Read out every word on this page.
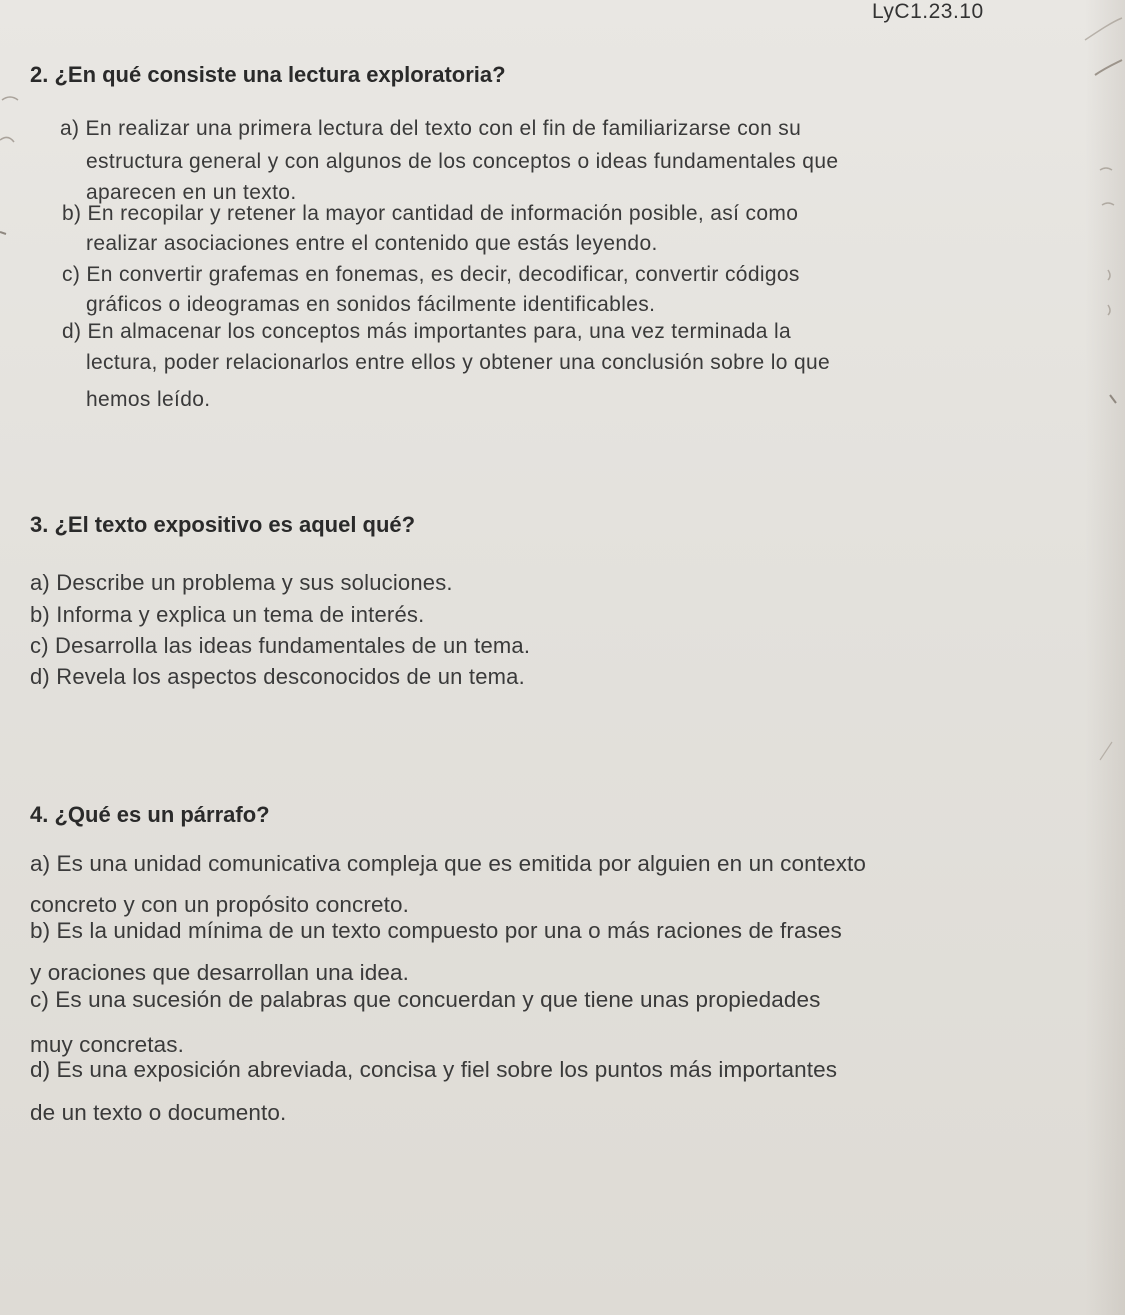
LyC1.23.10
2. ¿En qué consiste una lectura exploratoria?
a) En realizar una primera lectura del texto con el fin de familiarizarse con su
estructura general y con algunos de los conceptos o ideas fundamentales que
aparecen en un texto.
b) En recopilar y retener la mayor cantidad de información posible, así como
realizar asociaciones entre el contenido que estás leyendo.
c) En convertir grafemas en fonemas, es decir, decodificar, convertir códigos
gráficos o ideogramas en sonidos fácilmente identificables.
d) En almacenar los conceptos más importantes para, una vez terminada la
lectura, poder relacionarlos entre ellos y obtener una conclusión sobre lo que
hemos leído.
3. ¿El texto expositivo es aquel qué?
a) Describe un problema y sus soluciones.
b) Informa y explica un tema de interés.
c) Desarrolla las ideas fundamentales de un tema.
d) Revela los aspectos desconocidos de un tema.
4. ¿Qué es un párrafo?
a) Es una unidad comunicativa compleja que es emitida por alguien en un contexto
concreto y con un propósito concreto.
b) Es la unidad mínima de un texto compuesto por una o más raciones de frases
y oraciones que desarrollan una idea.
c) Es una sucesión de palabras que concuerdan y que tiene unas propiedades
muy concretas.
d) Es una exposición abreviada, concisa y fiel sobre los puntos más importantes
de un texto o documento.
